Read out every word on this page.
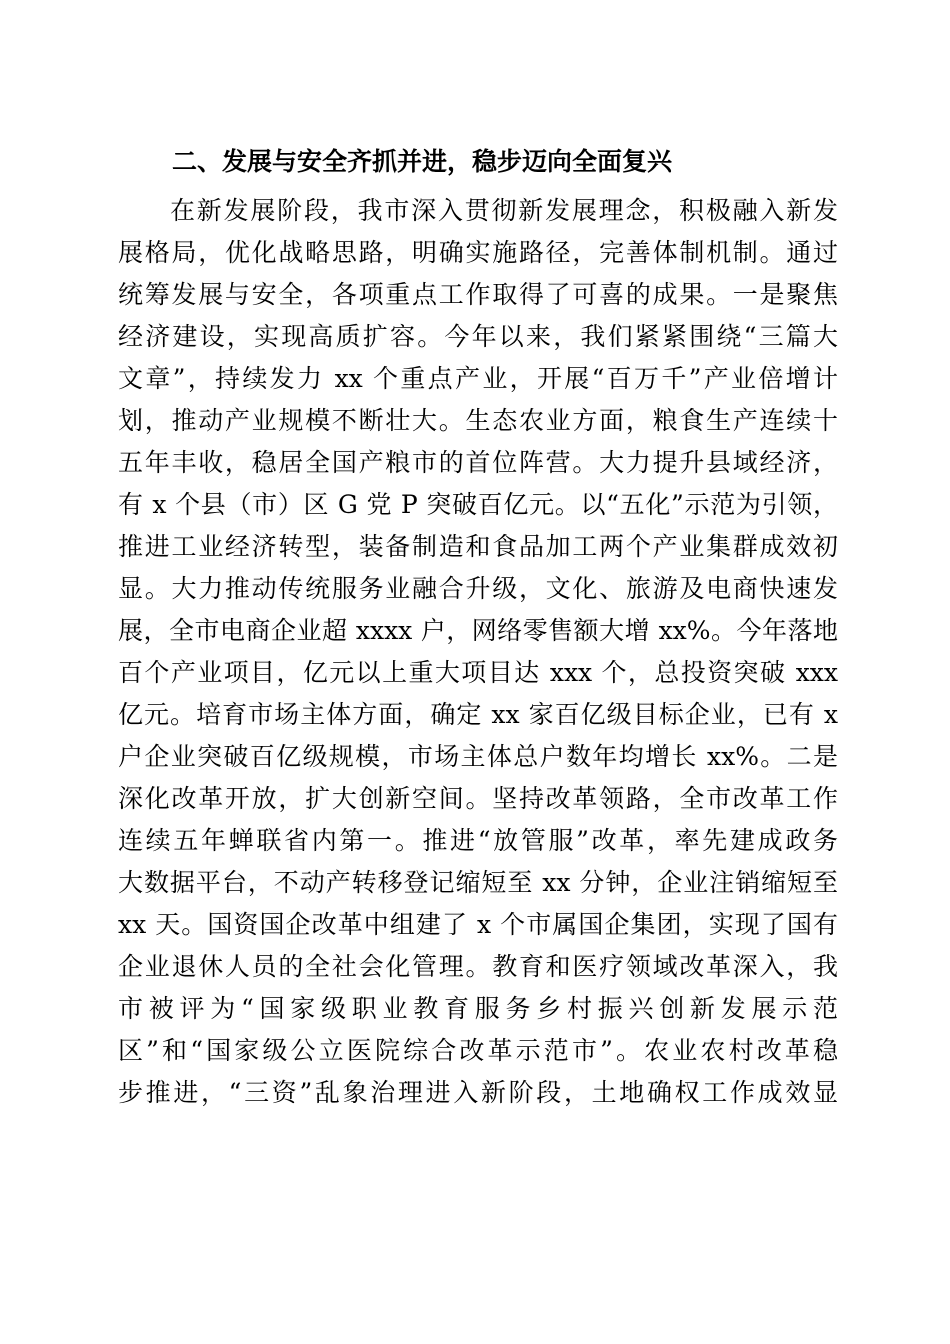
二、发展与安全齐抓并进，稳步迈向全面复兴
在新发展阶段，我市深入贯彻新发展理念，积极融入新发
展格局，优化战略思路，明确实施路径，完善体制机制。通过
统筹发展与安全，各项重点工作取得了可喜的成果。一是聚焦
经济建设，实现高质扩容。今年以来，我们紧紧围绕“三篇大
文章”，持续发力 xx 个重点产业，开展“百万千”产业倍增计
划，推动产业规模不断壮大。生态农业方面，粮食生产连续十
五年丰收，稳居全国产粮市的首位阵营。大力提升县域经济，
有 x 个县（市）区 G 党 P 突破百亿元。以“五化”示范为引领，
推进工业经济转型，装备制造和食品加工两个产业集群成效初
显。大力推动传统服务业融合升级，文化、旅游及电商快速发
展，全市电商企业超 xxxx 户，网络零售额大增 xx%。今年落地
百个产业项目，亿元以上重大项目达 xxx 个，总投资突破 xxx
亿元。培育市场主体方面，确定 xx 家百亿级目标企业，已有 x
户企业突破百亿级规模，市场主体总户数年均增长 xx%。二是
深化改革开放，扩大创新空间。坚持改革领路，全市改革工作
连续五年蝉联省内第一。推进“放管服”改革，率先建成政务
大数据平台，不动产转移登记缩短至 xx 分钟，企业注销缩短至
xx 天。国资国企改革中组建了 x 个市属国企集团，实现了国有
企业退休人员的全社会化管理。教育和医疗领域改革深入，我
市被评为“国家级职业教育服务乡村振兴创新发展示范
区”和“国家级公立医院综合改革示范市”。农业农村改革稳
步推进，“三资”乱象治理进入新阶段，土地确权工作成效显
